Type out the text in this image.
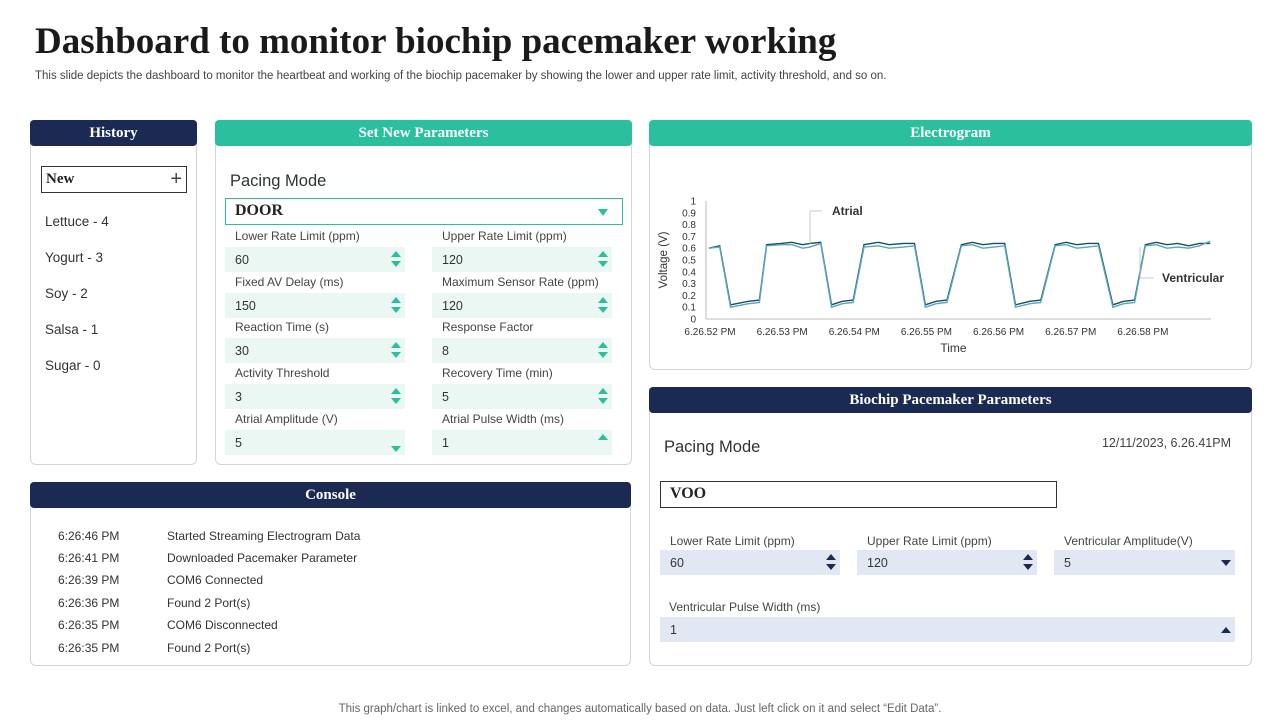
Dashboard to monitor biochip pacemaker working
This slide depicts the dashboard to monitor the heartbeat and working of the biochip pacemaker by showing the lower and upper rate limit, activity threshold, and so on.
History
New	+
Lettuce - 4
Yogurt - 3
Soy - 2
Salsa - 1
Sugar - 0
Set New Parameters
Pacing Mode
DOOR
Lower Rate Limit (ppm)
60
Upper Rate Limit (ppm)
120
Fixed AV Delay (ms)
150
Maximum Sensor Rate (ppm)
120
Reaction Time (s)
30
Response Factor
8
Activity Threshold
3
Recovery Time (min)
5
Atrial Amplitude (V)
5
Atrial Pulse Width (ms)
1
Console
6:26:46 PM	Started Streaming Electrogram Data
6:26:41 PM	Downloaded Pacemaker Parameter
6:26:39 PM	COM6 Connected
6:26:36 PM	Found 2 Port(s)
6:26:35 PM	COM6 Disconnected
6:26:35 PM	Found 2 Port(s)
Electrogram
0
0.1
0.2
0.3
0.4
0.5
0.6
0.7
0.8
0.9
1
6.26.52 PM 6.26.53 PM 6.26.54 PM 6.26.55 PM 6.26.56 PM 6.26.57 PM 6.26.58 PM
Time
Voltage (V)
Atrial
Ventricular
Biochip Pacemaker Parameters
Pacing Mode	12/11/2023, 6.26.41PM
VOO
Lower Rate Limit (ppm)
60
Upper Rate Limit (ppm)
120
Ventricular Amplitude(V)
5
Ventricular Pulse Width (ms)
1
This graph/chart is linked to excel, and changes automatically based on data. Just left click on it and select “Edit Data”.
